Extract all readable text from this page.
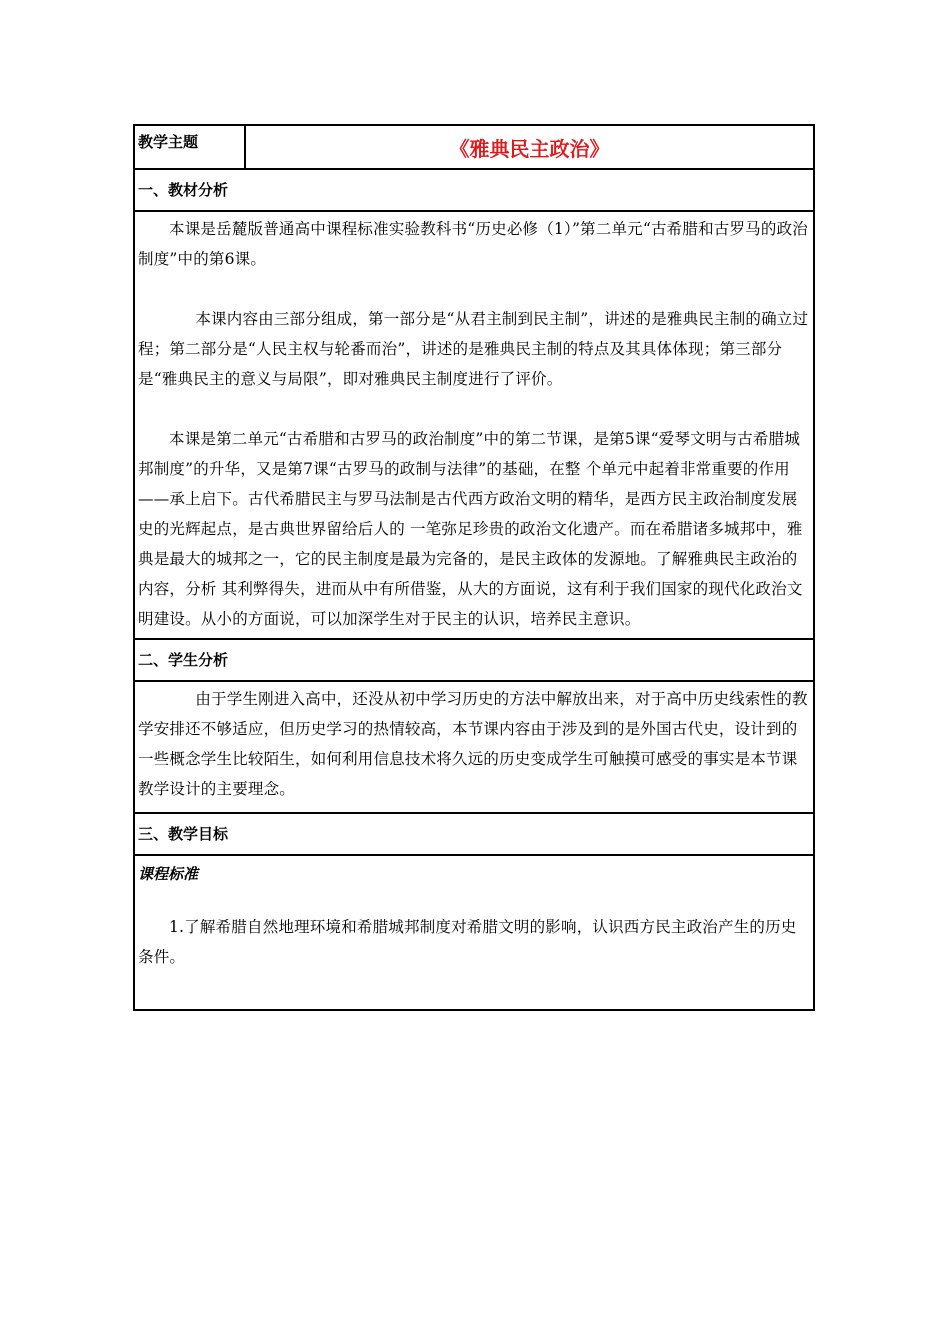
教学主题	《雅典民主政治》
一、教材分析

本课是岳麓版普通高中课程标准实验教科书“历史必修（1）”第二单元“古希腊和古罗马的政治制度”中的第6课。

本课内容由三部分组成，第一部分是“从君主制到民主制”，讲述的是雅典民主制的确立过程；第二部分是“人民主权与轮番而治”，讲述的是雅典民主制的特点及其具体体现；第三部分是“雅典民主的意义与局限”，即对雅典民主制度进行了评价。

本课是第二单元“古希腊和古罗马的政治制度”中的第二节课，是第5课“爱琴文明与古希腊城邦制度”的升华，又是第7课“古罗马的政制与法律”的基础，在整 个单元中起着非常重要的作用——承上启下。古代希腊民主与罗马法制是古代西方政治文明的精华，是西方民主政治制度发展史的光辉起点，是古典世界留给后人的 一笔弥足珍贵的政治文化遗产。而在希腊诸多城邦中，雅典是最大的城邦之一，它的民主制度是最为完备的，是民主政体的发源地。了解雅典民主政治的内容，分析 其利弊得失，进而从中有所借鉴，从大的方面说，这有利于我们国家的现代化政治文明建设。从小的方面说，可以加深学生对于民主的认识，培养民主意识。

二、学生分析

由于学生刚进入高中，还没从初中学习历史的方法中解放出来，对于高中历史线索性的教学安排还不够适应，但历史学习的热情较高，本节课内容由于涉及到的是外国古代史，设计到的一些概念学生比较陌生，如何利用信息技术将久远的历史变成学生可触摸可感受的事实是本节课教学设计的主要理念。

三、教学目标

课程标准

1.了解希腊自然地理环境和希腊城邦制度对希腊文明的影响，认识西方民主政治产生的历史条件。
